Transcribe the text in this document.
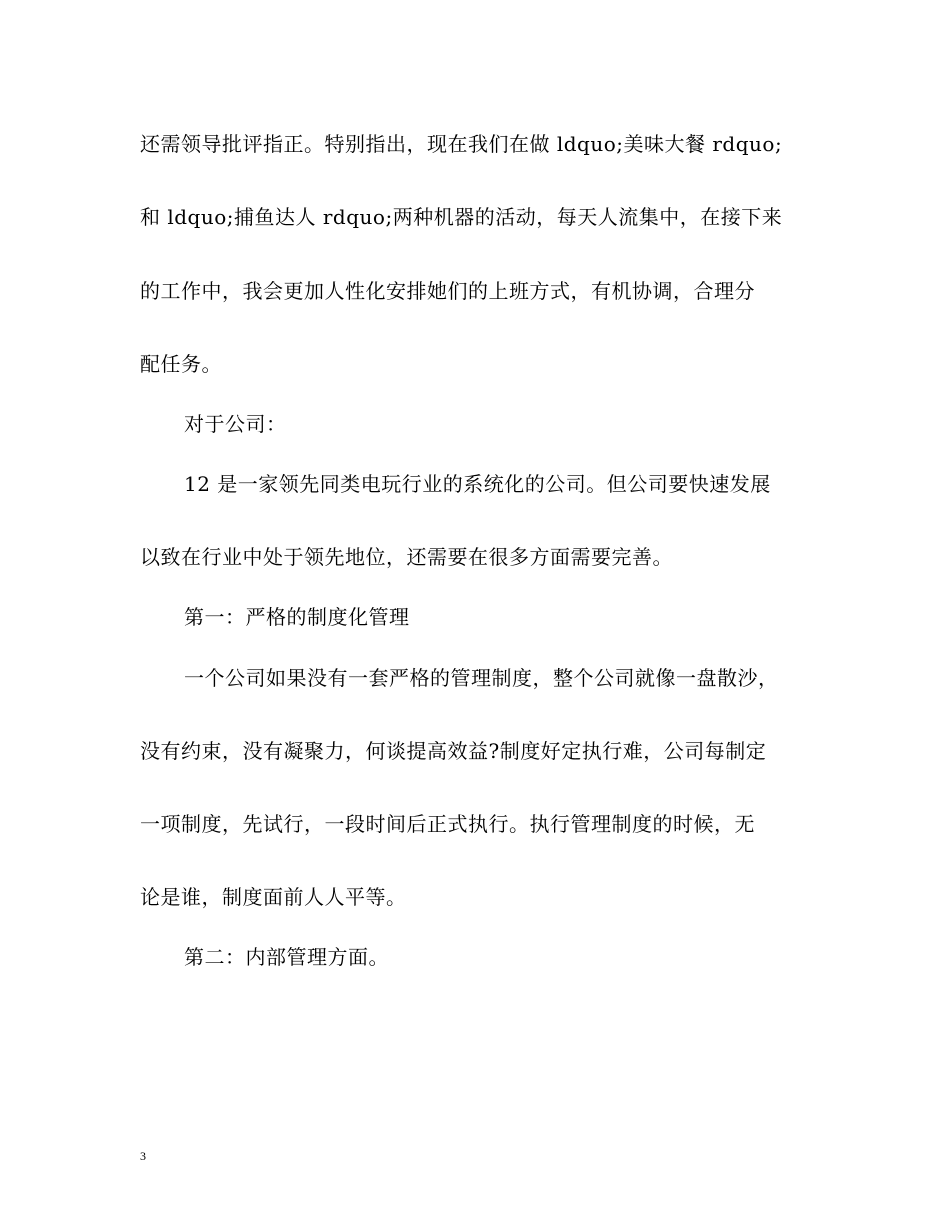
还需领导批评指正。特别指出，现在我们在做 ldquo;美味大餐 rdquo;
和 ldquo;捕鱼达人 rdquo;两种机器的活动，每天人流集中，在接下来
的工作中，我会更加人性化安排她们的上班方式，有机协调，合理分
配任务。
对于公司：
12 是一家领先同类电玩行业的系统化的公司。但公司要快速发展
以致在行业中处于领先地位，还需要在很多方面需要完善。
第一：严格的制度化管理
一个公司如果没有一套严格的管理制度，整个公司就像一盘散沙，
没有约束，没有凝聚力，何谈提高效益?制度好定执行难，公司每制定
一项制度，先试行，一段时间后正式执行。执行管理制度的时候，无
论是谁，制度面前人人平等。
第二：内部管理方面。
3
